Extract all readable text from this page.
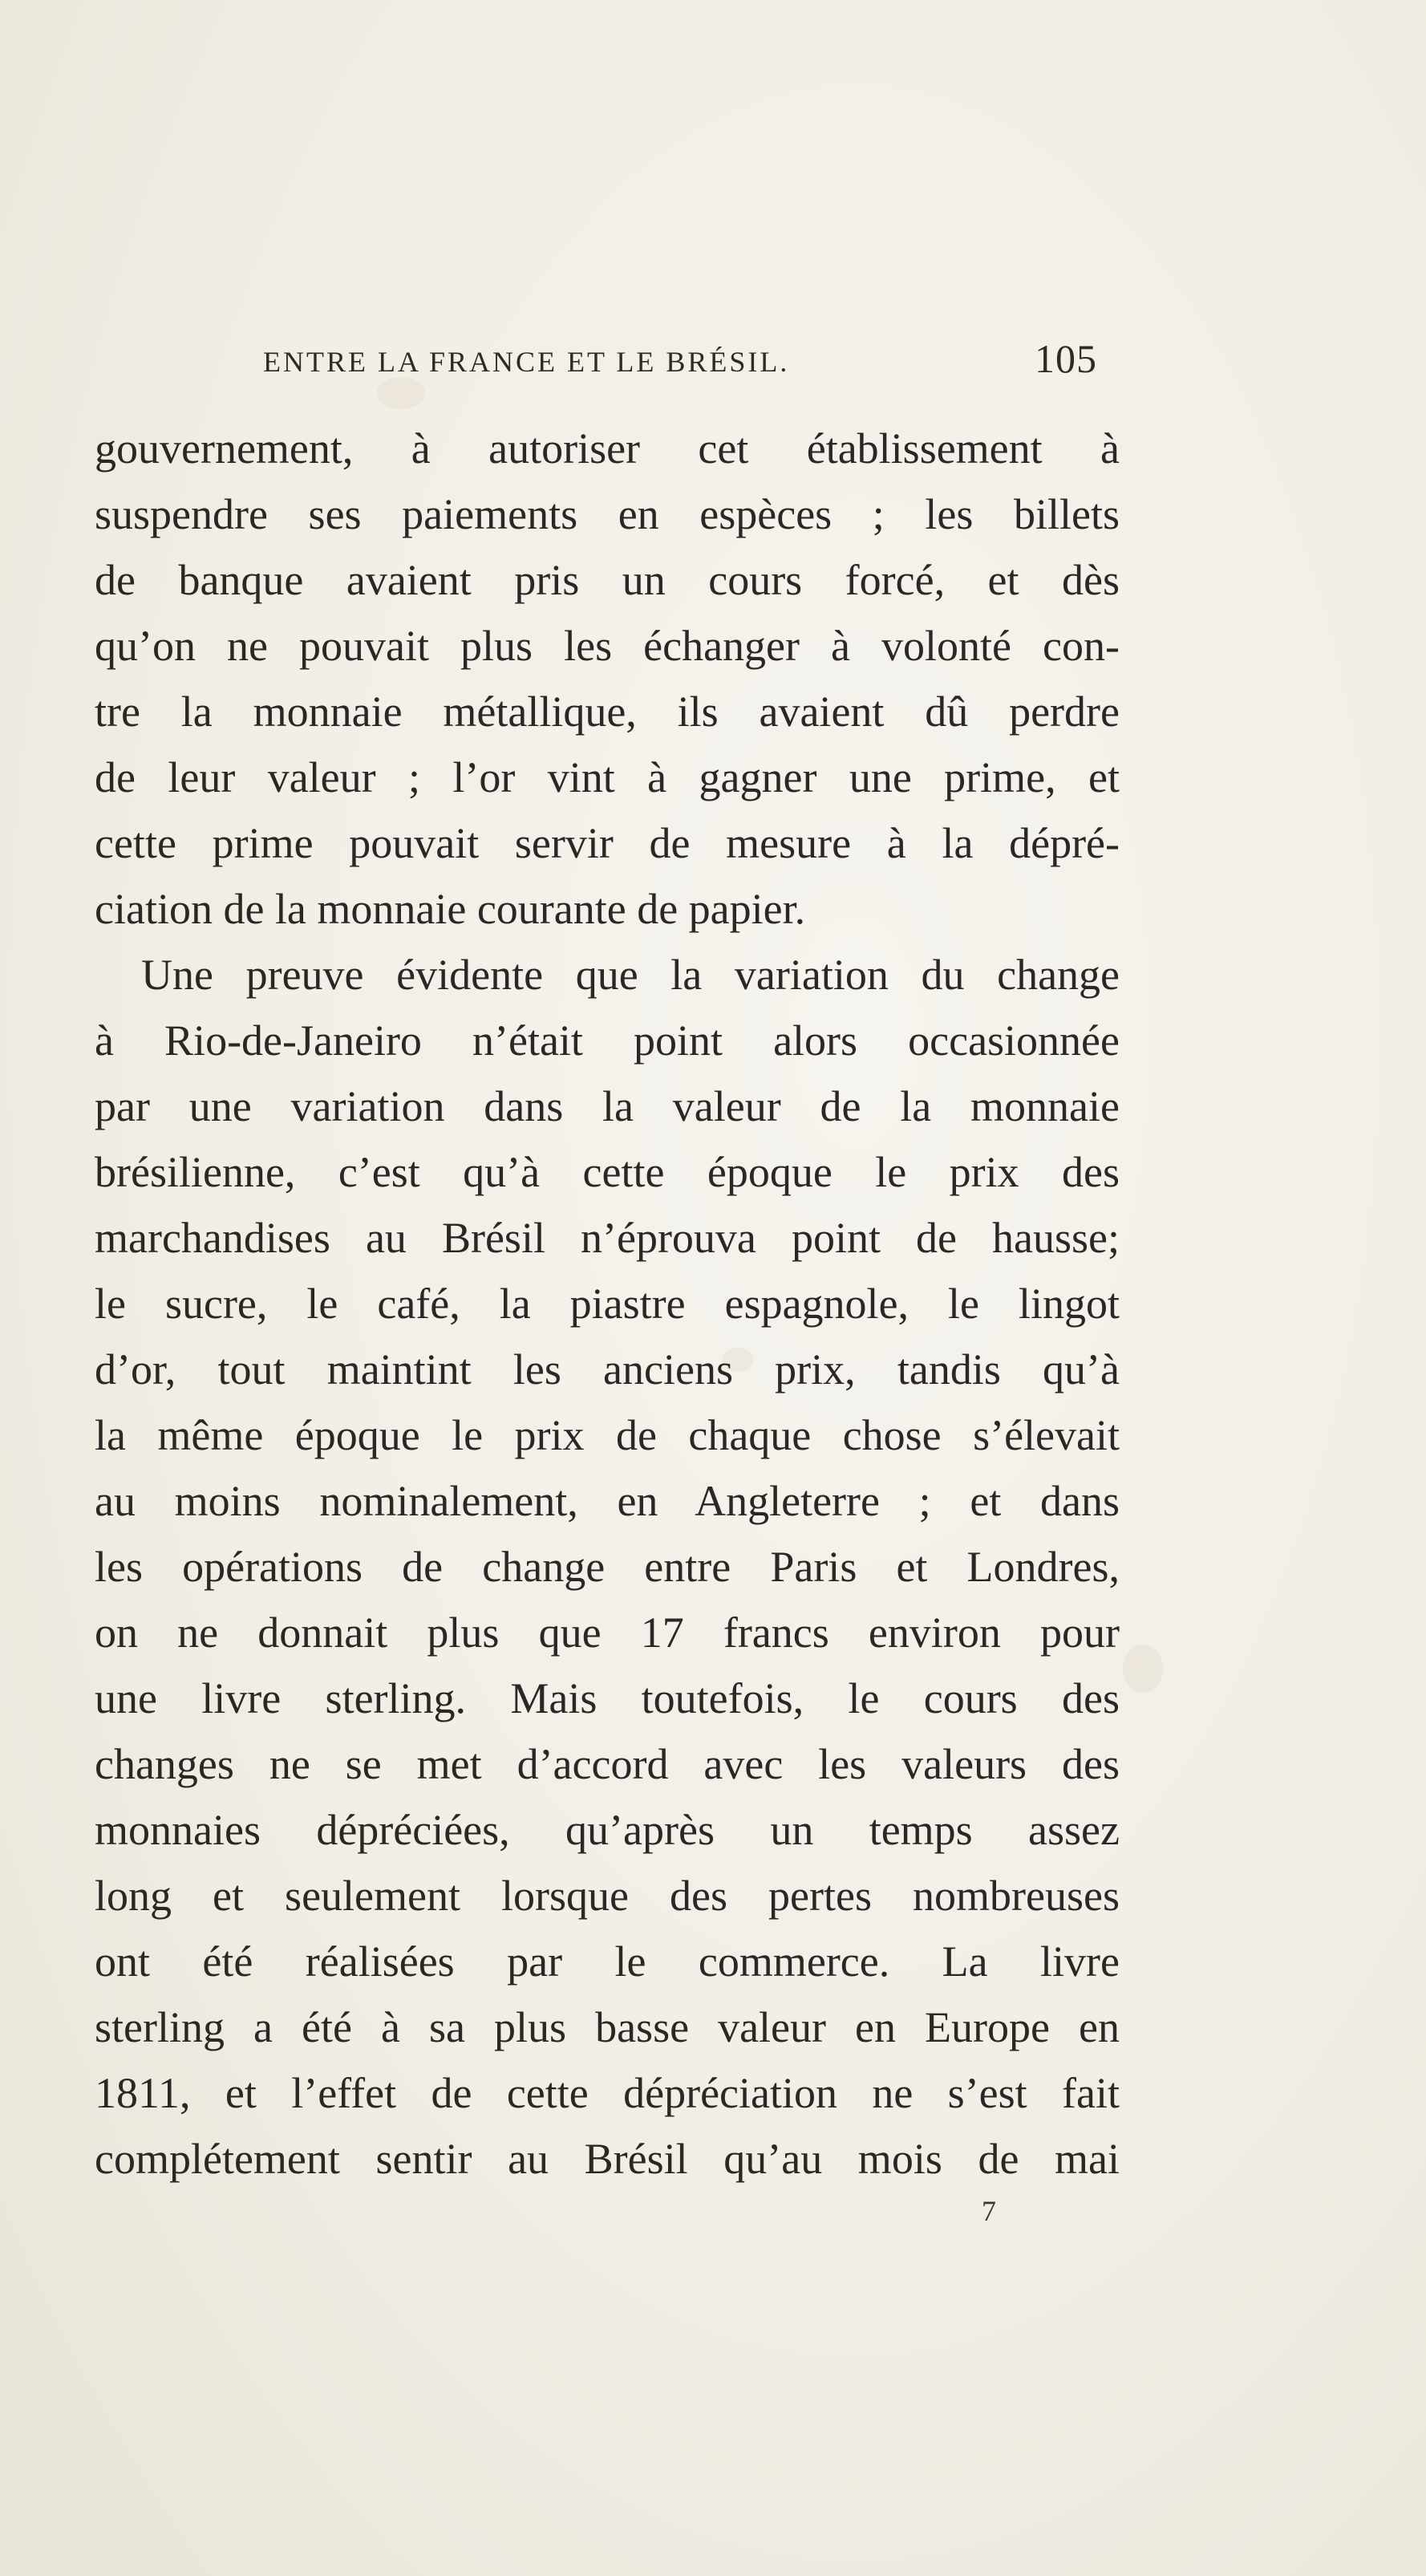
ENTRE LA FRANCE ET LE BRÉSIL.	105
gouvernement, à autoriser cet établissement à
suspendre ses paiements en espèces ; les billets
de banque avaient pris un cours forcé, et dès
qu’on ne pouvait plus les échanger à volonté con-
tre la monnaie métallique, ils avaient dû perdre
de leur valeur ; l’or vint à gagner une prime, et
cette prime pouvait servir de mesure à la dépré-
ciation de la monnaie courante de papier.
Une preuve évidente que la variation du change
à Rio-de-Janeiro n’était point alors occasionnée
par une variation dans la valeur de la monnaie
brésilienne, c’est qu’à cette époque le prix des
marchandises au Brésil n’éprouva point de hausse;
le sucre, le café, la piastre espagnole, le lingot
d’or, tout maintint les anciens prix, tandis qu’à
la même époque le prix de chaque chose s’élevait
au moins nominalement, en Angleterre ; et dans
les opérations de change entre Paris et Londres,
on ne donnait plus que 17 francs environ pour
une livre sterling. Mais toutefois, le cours des
changes ne se met d’accord avec les valeurs des
monnaies dépréciées, qu’après un temps assez
long et seulement lorsque des pertes nombreuses
ont été réalisées par le commerce. La livre
sterling a été à sa plus basse valeur en Europe en
1811, et l’effet de cette dépréciation ne s’est fait
complétement sentir au Brésil qu’au mois de mai
7
